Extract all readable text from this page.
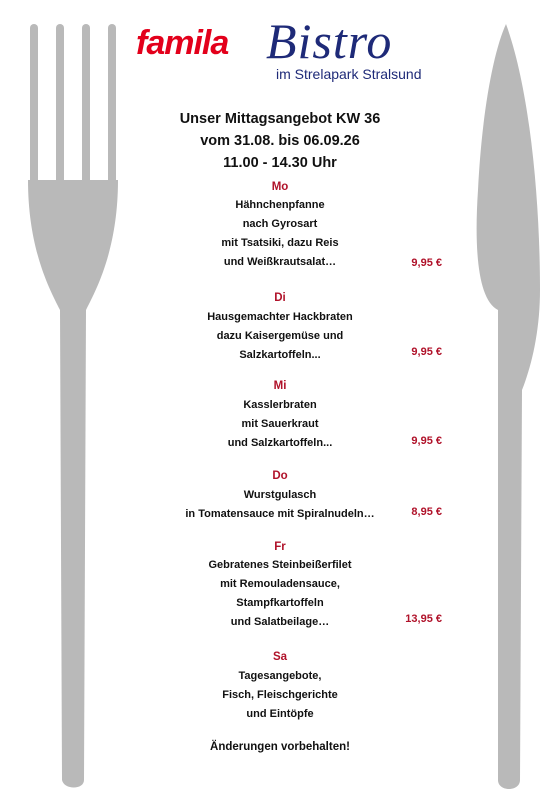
famila Bistro
im Strelapark Stralsund
Unser Mittagsangebot KW 36
vom 31.08. bis 06.09.26
11.00 - 14.30 Uhr
Mo
Hähnchenpfanne
nach Gyrosart
mit Tsatsiki, dazu Reis
und Weißkrautsalat…	9,95 €
Di
Hausgemachter Hackbraten
dazu Kaisergemüse und
Salzkartoffeln...	9,95 €
Mi
Kasslerbraten
mit Sauerkraut
und Salzkartoffeln...	9,95 €
Do
Wurstgulasch
in Tomatensauce mit Spiralnudeln…	8,95 €
Fr
Gebratenes Steinbeißerfilet
mit Remouladensauce,
Stampfkartoffeln
und Salatbeilage…	13,95 €
Sa
Tagesangebote,
Fisch, Fleischgerichte
und Eintöpfe
Änderungen vorbehalten!
